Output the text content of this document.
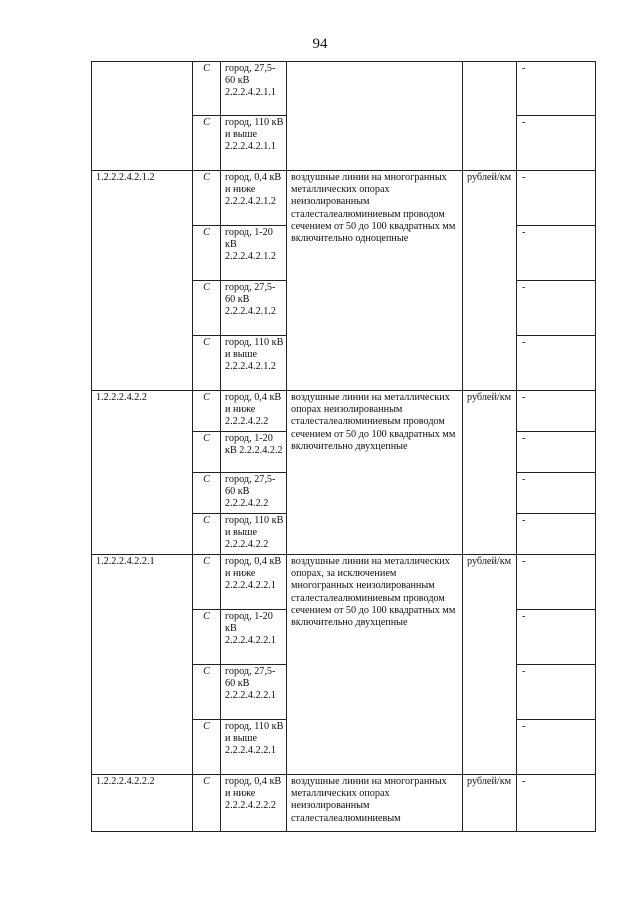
94
	С	город, 27,5-60 кВ 2.2.2.4.2.1.1			-
	С	город, 110 кВ и выше 2.2.2.4.2.1.1			-
1.2.2.2.4.2.1.2	С	город, 0,4 кВ и ниже 2.2.2.4.2.1.2	воздушные линии на многогранных металлических опорах неизолированным сталесталеалюминиевым проводом сечением от 50 до 100 квадратных мм включительно одноцепные	рублей/км	-
	С	город, 1-20 кВ 2.2.2.4.2.1.2			-
	С	город, 27,5-60 кВ 2.2.2.4.2.1.2			-
	С	город, 110 кВ и выше 2.2.2.4.2.1.2			-
1.2.2.2.4.2.2	С	город, 0,4 кВ и ниже 2.2.2.4.2.2	воздушные линии на металлических опорах неизолированным сталесталеалюминиевым проводом сечением от 50 до 100 квадратных мм включительно двухцепные	рублей/км	-
	С	город, 1-20 кВ 2.2.2.4.2.2			-
	С	город, 27,5-60 кВ 2.2.2.4.2.2			-
	С	город, 110 кВ и выше 2.2.2.4.2.2			-
1.2.2.2.4.2.2.1	С	город, 0,4 кВ и ниже 2.2.2.4.2.2.1	воздушные линии на металлических опорах, за исключением многогранных неизолированным сталесталеалюминиевым проводом сечением от 50 до 100 квадратных мм включительно двухцепные	рублей/км	-
	С	город, 1-20 кВ 2.2.2.4.2.2.1			-
	С	город, 27,5-60 кВ 2.2.2.4.2.2.1			-
	С	город, 110 кВ и выше 2.2.2.4.2.2.1			-
1.2.2.2.4.2.2.2	С	город, 0,4 кВ и ниже 2.2.2.4.2.2.2	воздушные линии на многогранных металлических опорах неизолированным сталесталеалюминиевым	рублей/км	-
